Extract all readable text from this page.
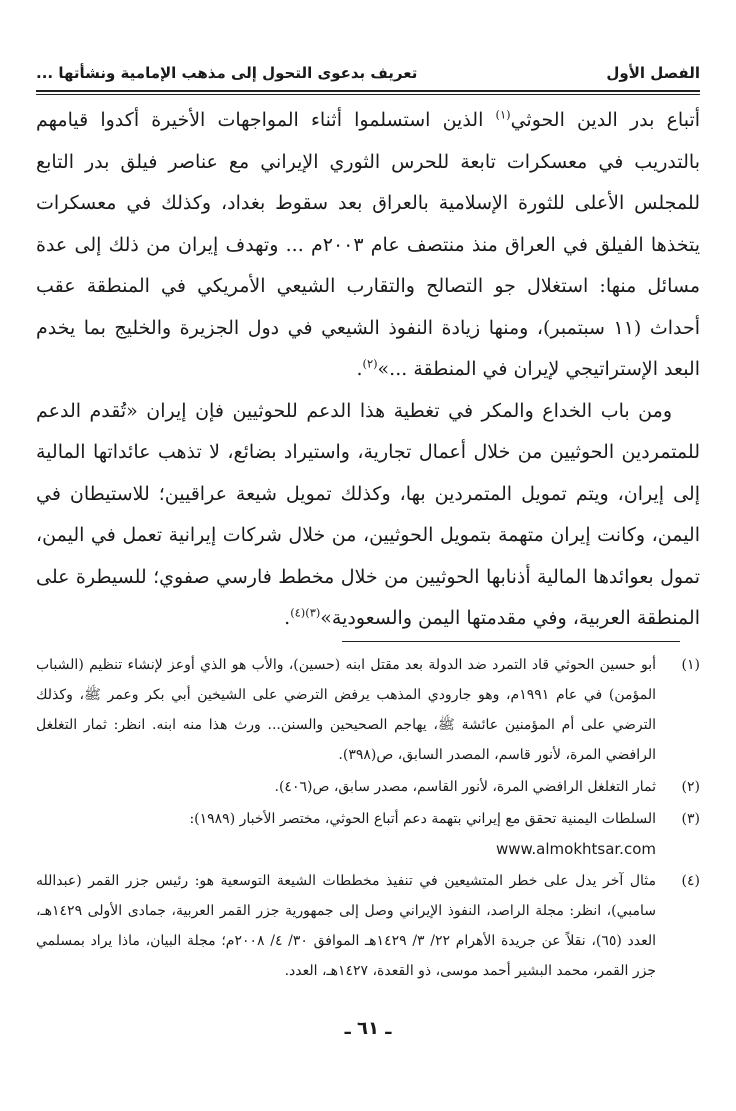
الفصل الأول
تعريف بدعوى التحول إلى مذهب الإمامية ونشأتها ...

أتباع بدر الدين الحوثي$^{(١)}$ الذين استسلموا أثناء المواجهات الأخيرة أكدوا قيامهم بالتدريب في معسكرات تابعة للحرس الثوري الإيراني مع عناصر فيلق بدر التابع للمجلس الأعلى للثورة الإسلامية بالعراق بعد سقوط بغداد، وكذلك في معسكرات يتخذها الفيلق في العراق منذ منتصف عام ٢٠٠٣م ... وتهدف إيران من ذلك إلى عدة مسائل منها: استغلال جو التصالح والتقارب الشيعي الأمريكي في المنطقة عقب أحداث (١١ سبتمبر)، ومنها زيادة النفوذ الشيعي في دول الجزيرة والخليج بما يخدم البعد الإستراتيجي لإيران في المنطقة ...»$^{(٢)}$.

ومن باب الخداع والمكر في تغطية هذا الدعم للحوثيين فإن إيران «تُقدم الدعم للمتمردين الحوثيين من خلال أعمال تجارية، واستيراد بضائع، لا تذهب عائداتها المالية إلى إيران، ويتم تمويل المتمردين بها، وكذلك تمويل شيعة عراقيين؛ للاستيطان في اليمن، وكانت إيران متهمة بتمويل الحوثيين، من خلال شركات إيرانية تعمل في اليمن، تمول بعوائدها المالية أذنابها الحوثيين من خلال مخطط فارسي صفوي؛ للسيطرة على المنطقة العربية، وفي مقدمتها اليمن والسعودية»$^{(٣)(٤)}$.

(١)
أبو حسين الحوثي قاد التمرد ضد الدولة بعد مقتل ابنه (حسين)، والأب هو الذي أوعز لإنشاء تنظيم (الشباب المؤمن) في عام ١٩٩١م، وهو جارودي المذهب يرفض الترضي على الشيخين أبي بكر وعمر ﷺ، وكذلك الترضي على أم المؤمنين عائشة ﷺ، يهاجم الصحيحين والسنن... ورث هذا منه ابنه. انظر: ثمار التغلغل الرافضي المرة، لأنور قاسم، المصدر السابق، ص(٣٩٨).
(٢)
ثمار التغلغل الرافضي المرة، لأنور القاسم، مصدر سابق، ص(٤٠٦).
(٣)
السلطات اليمنية تحقق مع إيراني بتهمة دعم أتباع الحوثي، مختصر الأخبار (١٩٨٩):
www.almokhtsar.com
(٤)
مثال آخر يدل على خطر المتشيعين في تنفيذ مخططات الشيعة التوسعية هو: رئيس جزر القمر (عبدالله سامبي)، انظر: مجلة الراصد، النفوذ الإيراني وصل إلى جمهورية جزر القمر العربية، جمادى الأولى ١٤٢٩هـ، العدد (٦٥)، نقلاً عن جريدة الأهرام ٢٢/ ٣/ ١٤٢٩هـ الموافق ٣٠/ ٤/ ٢٠٠٨م؛ مجلة البيان، ماذا يراد بمسلمي جزر القمر، محمد البشير أحمد موسى، ذو القعدة، ١٤٢٧هـ، العدد.
ـ ٦١ ـ
